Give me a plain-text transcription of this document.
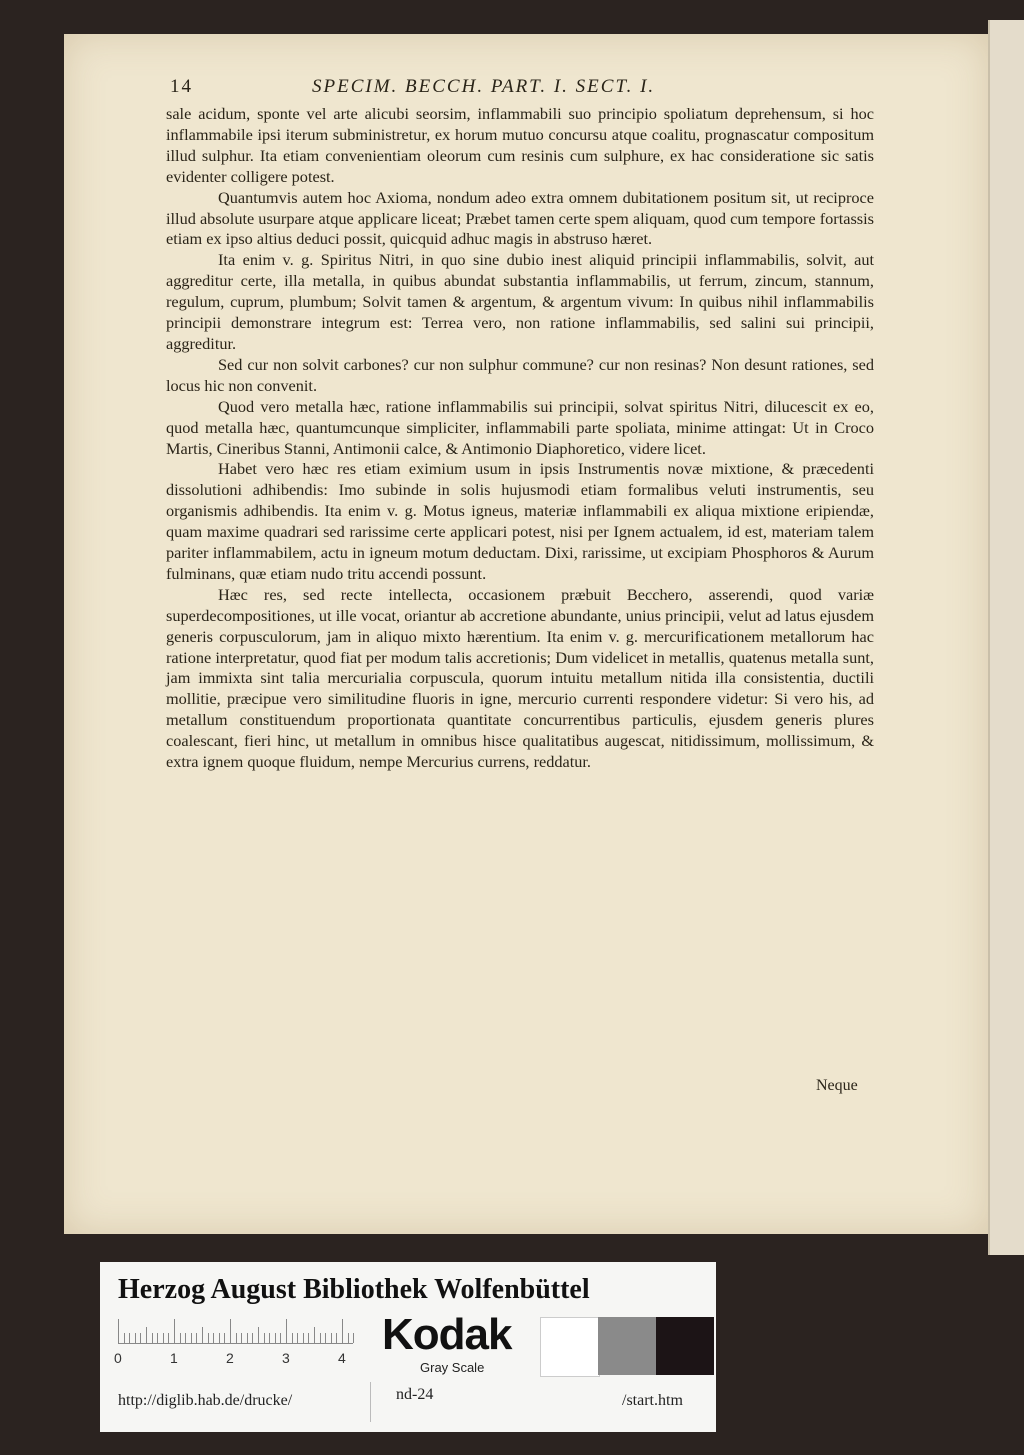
14	SPECIM. BECCH. PART. I. SECT. I.

sale acidum, sponte vel arte alicubi seorsim, inflammabili suo principio spoliatum deprehensum, si hoc inflammabile ipsi iterum subministretur, ex horum mutuo concursu atque coalitu, prognascatur compositum illud sulphur. Ita etiam convenientiam oleorum cum resinis cum sulphure, ex hac consideratione sic satis evidenter colligere potest.

Quantumvis autem hoc Axioma, nondum adeo extra omnem dubitationem positum sit, ut reciproce illud absolute usurpare atque applicare liceat; Præbet tamen certe spem aliquam, quod cum tempore fortassis etiam ex ipso altius deduci possit, quicquid adhuc magis in abstruso hæret.

Ita enim v. g. Spiritus Nitri, in quo sine dubio inest aliquid principii inflammabilis, solvit, aut aggreditur certe, illa metalla, in quibus abundat substantia inflammabilis, ut ferrum, zincum, stannum, regulum, cuprum, plumbum; Solvit tamen & argentum, & argentum vivum: In quibus nihil inflammabilis principii demonstrare integrum est: Terrea vero, non ratione inflammabilis, sed salini sui principii, aggreditur.

Sed cur non solvit carbones? cur non sulphur commune? cur non resinas? Non desunt rationes, sed locus hic non convenit.

Quod vero metalla hæc, ratione inflammabilis sui principii, solvat spiritus Nitri, dilucescit ex eo, quod metalla hæc, quantumcunque simpliciter, inflammabili parte spoliata, minime attingat: Ut in Croco Martis, Cineribus Stanni, Antimonii calce, & Antimonio Diaphoretico, videre licet.

Habet vero hæc res etiam eximium usum in ipsis Instrumentis novæ mixtione, & præcedenti dissolutioni adhibendis: Imo subinde in solis hujusmodi etiam formalibus veluti instrumentis, seu organismis adhibendis. Ita enim v. g. Motus igneus, materiæ inflammabili ex aliqua mixtione eripiendæ, quam maxime quadrari sed rarissime certe applicari potest, nisi per Ignem actualem, id est, materiam talem pariter inflammabilem, actu in igneum motum deductam. Dixi, rarissime, ut excipiam Phosphoros & Aurum fulminans, quæ etiam nudo tritu accendi possunt.

Hæc res, sed recte intellecta, occasionem præbuit Becchero, asserendi, quod variæ superdecompositiones, ut ille vocat, oriantur ab accretione abundante, unius principii, velut ad latus ejusdem generis corpusculorum, jam in aliquo mixto hærentium. Ita enim v. g. mercurificationem metallorum hac ratione interpretatur, quod fiat per modum talis accretionis; Dum videlicet in metallis, quatenus metalla sunt, jam immixta sint talia mercurialia corpuscula, quorum intuitu metallum nitida illa consistentia, ductili mollitie, præcipue vero similitudine fluoris in igne, mercurio currenti respondere videtur: Si vero his, ad metallum constituendum proportionata quantitate concurrentibus particulis, ejusdem generis plures coalescant, fieri hinc, ut metallum in omnibus hisce qualitatibus augescat, nitidissimum, mollissimum, & extra ignem quoque fluidum, nempe Mercurius currens, reddatur.

Neque
Herzog August Bibliothek Wolfenbüttel
0	1	2	3	4 Kodak
Gray Scale
http://diglib.hab.de/drucke/	nd-24	/start.htm
